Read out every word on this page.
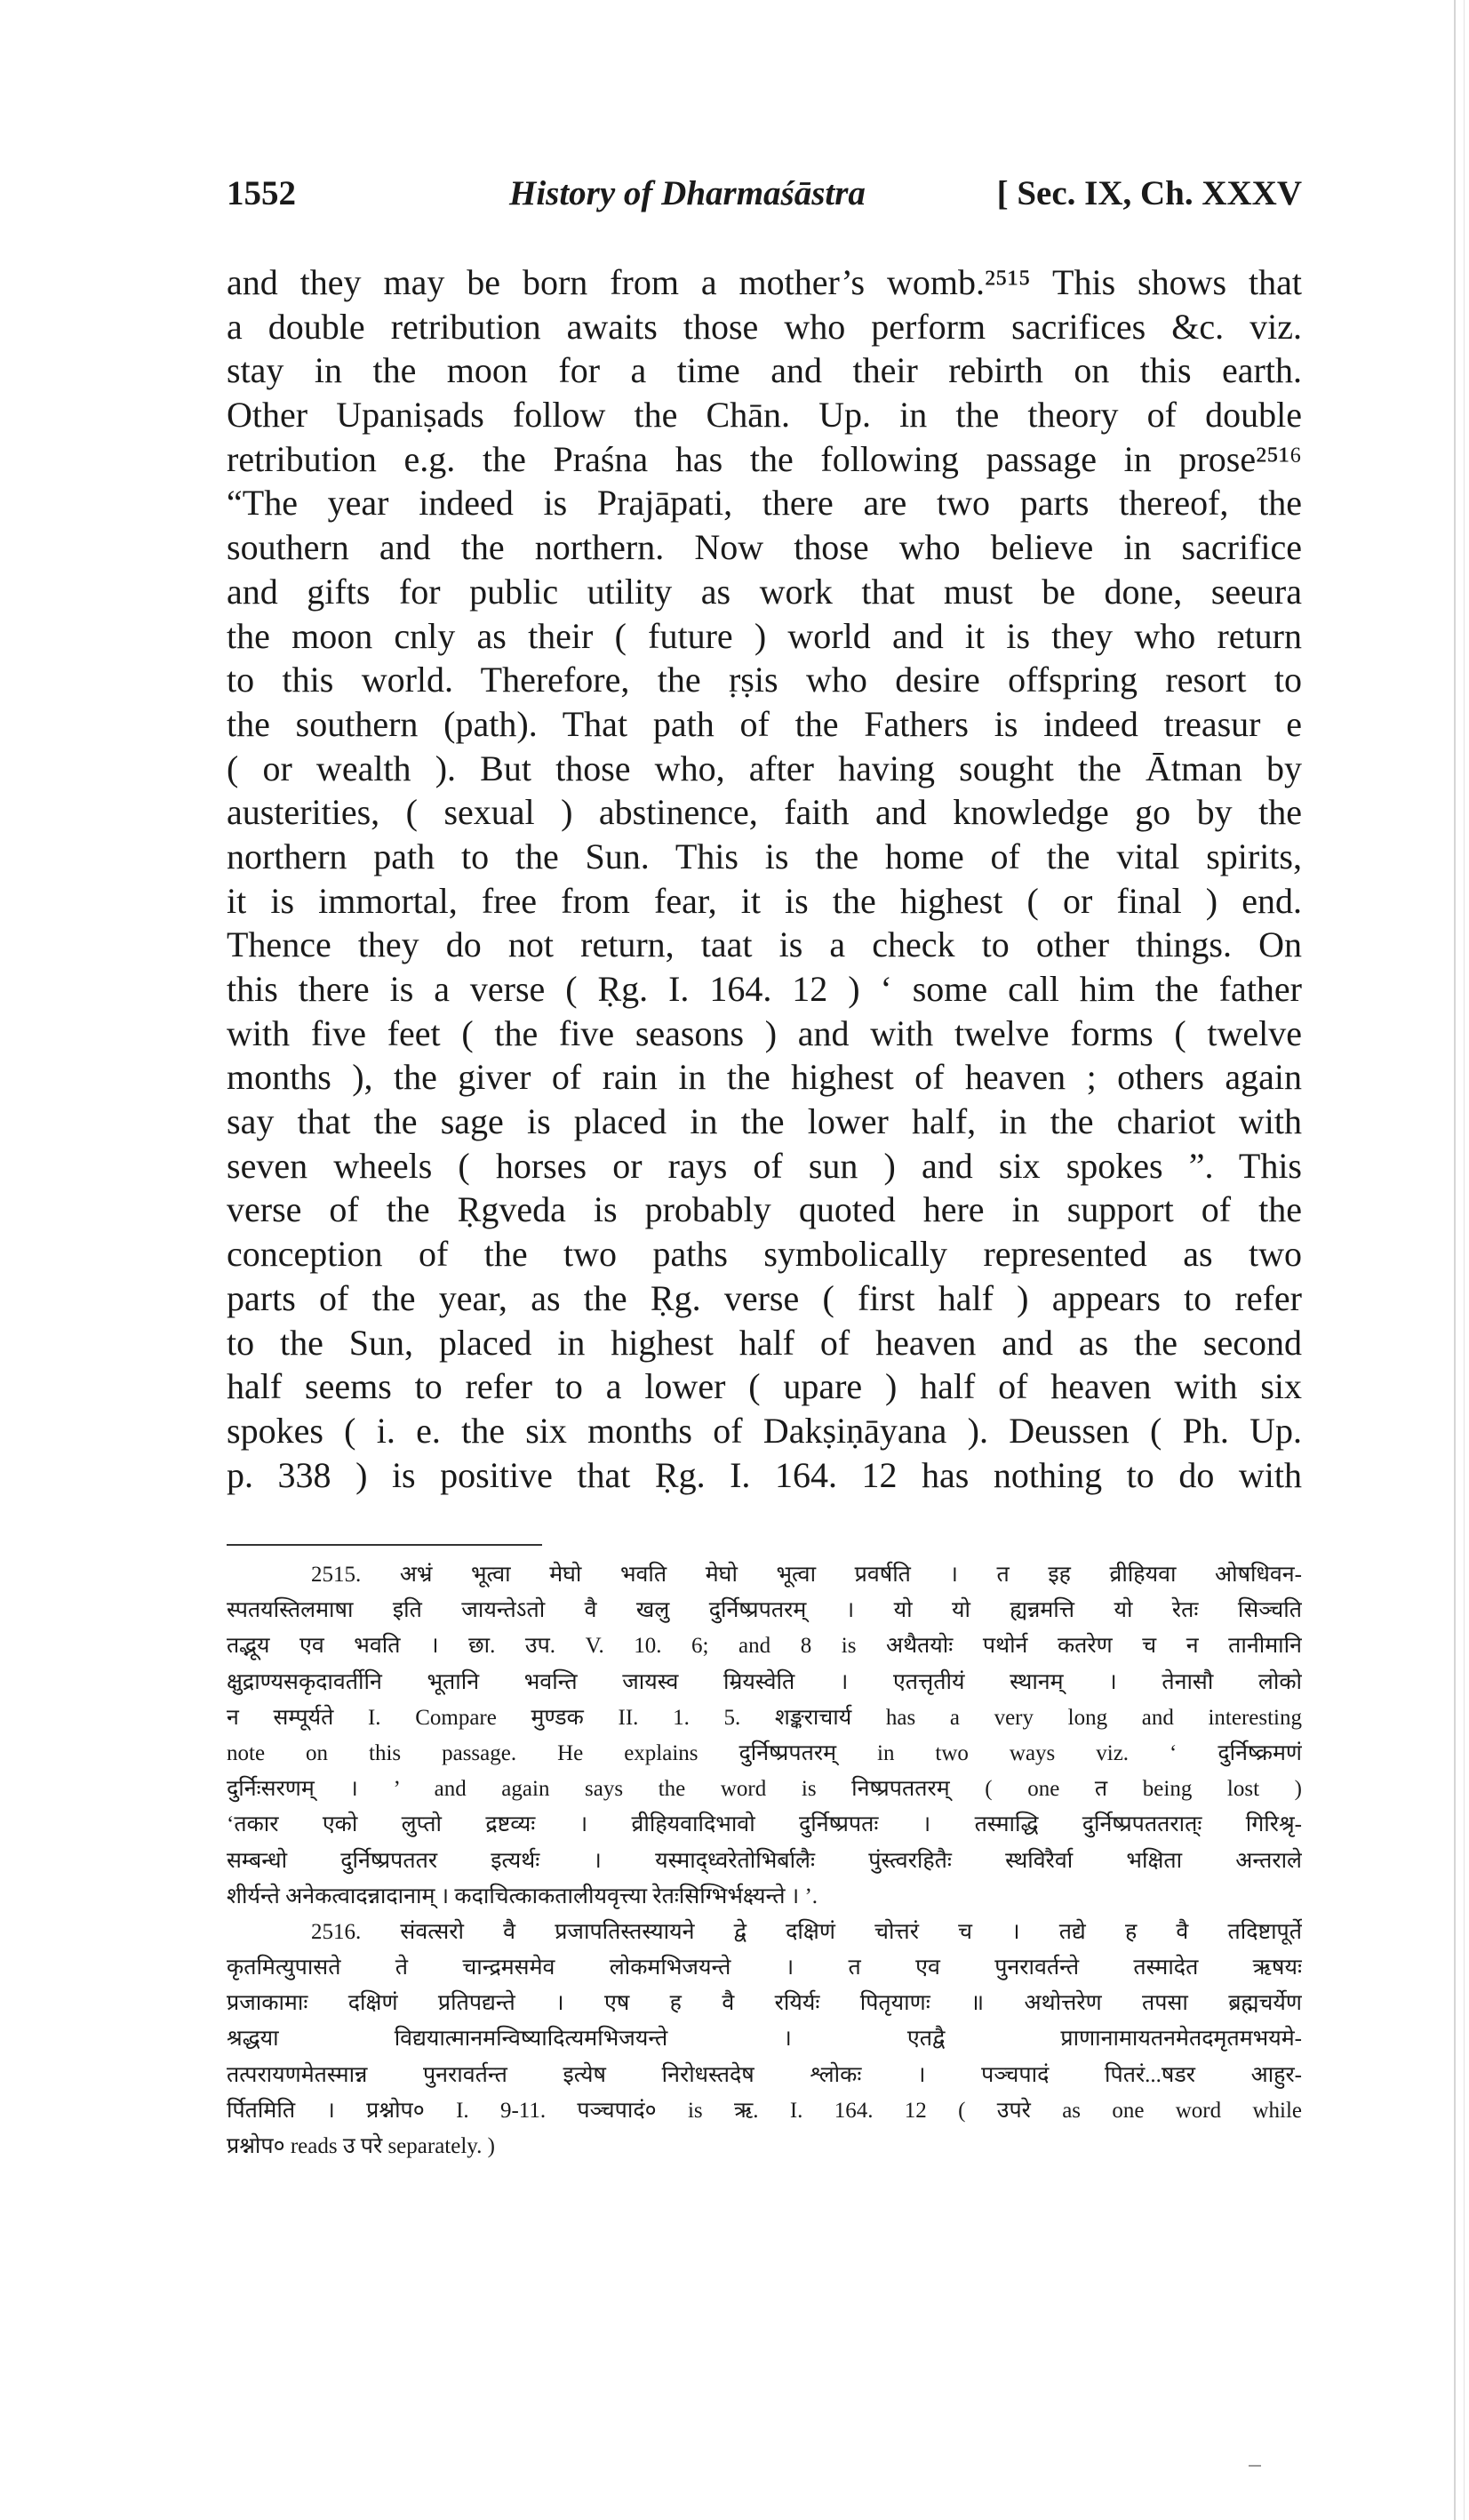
1552	History of Dharmaśāstra	[ Sec. IX, Ch. XXXV
and they may be born from a mother’s womb.²⁵¹⁵ This shows that
a double retribution awaits those who perform sacrifices &c. viz.
stay in the moon for a time and their rebirth on this earth.
Other Upaniṣads follow the Chān. Up. in the theory of double
retribution e.g. the Praśna has the following passage in prose²⁵¹⁶
“The year indeed is Prajāpati, there are two parts thereof, the
southern and the northern. Now those who believe in sacrifice
and gifts for public utility as work that must be done, seeura
the moon cnly as their ( future ) world and it is they who return
to this world. Therefore, the ṛṣis who desire offspring resort to
the southern (path). That path of the Fathers is indeed treasur e
( or wealth ). But those who, after having sought the Ātman by
austerities, ( sexual ) abstinence, faith and knowledge go by the
northern path to the Sun. This is the home of the vital spirits,
it is immortal, free from fear, it is the highest ( or final ) end.
Thence they do not return, taat is a check to other things. On
this there is a verse ( Ṛg. I. 164. 12 ) ‘ some call him the father
with five feet ( the five seasons ) and with twelve forms ( twelve
months ), the giver of rain in the highest of heaven ; others again
say that the sage is placed in the lower half, in the chariot with
seven wheels ( horses or rays of sun ) and six spokes ”. This
verse of the Ṛgveda is probably quoted here in support of the
conception of the two paths symbolically represented as two
parts of the year, as the Ṛg. verse ( first half ) appears to refer
to the Sun, placed in highest half of heaven and as the second
half seems to refer to a lower ( upare ) half of heaven with six
spokes ( i. e. the six months of Dakṣiṇāyana ). Deussen ( Ph. Up.
p. 338 ) is positive that Ṛg. I. 164. 12 has nothing to do with
2515. अभ्रं भूत्वा मेघो भवति मेघो भूत्वा प्रवर्षति । त इह व्रीहियवा ओषधिवन-
स्पतयस्तिलमाषा इति जायन्तेऽतो वै खलु दुर्निष्प्रपतरम् । यो यो ह्यन्नमत्ति यो रेतः सिञ्चति
तद्भूय एव भवति । छा. उप. V. 10. 6; and 8 is अथैतयोः पथोर्न कतरेण च न तानीमानि
क्षुद्राण्यसकृदावर्तीनि भूतानि भवन्ति जायस्व म्रियस्वेति । एतत्तृतीयं स्थानम् । तेनासौ लोको
न सम्पूर्यते I. Compare मुण्डक II. 1. 5. शङ्कराचार्य has a very long and interesting
note on this passage. He explains दुर्निष्प्रपतरम् in two ways viz. ‘ दुर्निष्क्रमणं
दुर्निःसरणम् । ’ and again says the word is निष्प्रपततरम् ( one त being lost )
‘तकार एको लुप्तो द्रष्टव्यः । व्रीहियवादिभावो दुर्निष्प्रपतः । तस्माद्धि दुर्निष्प्रपततरात्‌ः गिरिश्रृ-
सम्बन्धो दुर्निष्प्रपततर इत्यर्थः । यस्माद्ध्वरेतोभिर्बालैः पुंस्त्वरहितैः स्थविरैर्वा भक्षिता अन्तराले
शीर्यन्ते अनेकत्वादन्नादानाम् । कदाचित्काकतालीयवृत्त्या रेतःसिग्भिर्भक्ष्यन्ते । ’.
2516. संवत्सरो वै प्रजापतिस्तस्यायने द्वे दक्षिणं चोत्तरं च । तद्ये ह वै तदिष्टापूर्ते
कृतमित्युपासते ते चान्द्रमसमेव लोकमभिजयन्ते । त एव पुनरावर्तन्ते तस्मादेत ऋषयः
प्रजाकामाः दक्षिणं प्रतिपद्यन्ते । एष ह वै रयिर्यः पितृयाणः ॥ अथोत्तरेण तपसा ब्रह्मचर्येण
श्रद्धया विद्ययात्मानमन्विष्यादित्यमभिजयन्ते । एतद्वै प्राणानामायतनमेतदमृतमभयमे-
तत्परायणमेतस्मान्न पुनरावर्तन्त इत्येष निरोधस्तदेष श्लोकः । पञ्चपादं पितरं...षडर आहुर-
र्पितमिति । प्रश्नोप० I. 9-11. पञ्चपादं० is ऋ. I. 164. 12 ( उपरे as one word while
प्रश्नोप० reads उ परे separately. )
